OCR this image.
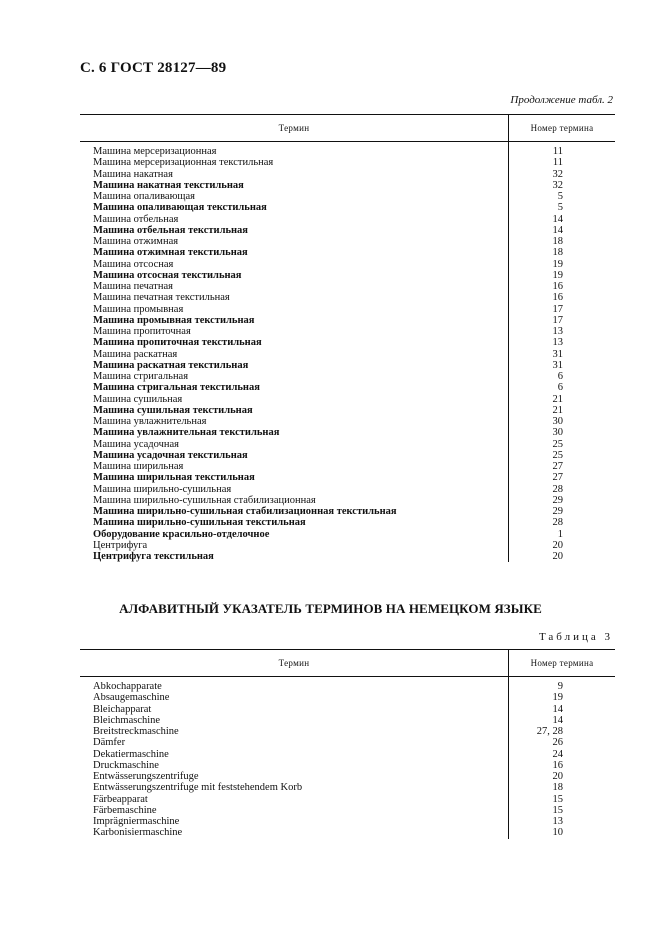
С. 6 ГОСТ 28127—89
Продолжение табл. 2
Термин	Номер термина
Машина мерсеризационная	11
Машина мерсеризационная текстильная	11
Машина накатная	32
Машина накатная текстильная	32
Машина опаливающая	5
Машина опаливающая текстильная	5
Машина отбельная	14
Машина отбельная текстильная	14
Машина отжимная	18
Машина отжимная текстильная	18
Машина отсосная	19
Машина отсосная текстильная	19
Машина печатная	16
Машина печатная текстильная	16
Машина промывная	17
Машина промывная текстильная	17
Машина пропиточная	13
Машина пропиточная текстильная	13
Машина раскатная	31
Машина раскатная текстильная	31
Машина стригальная	6
Машина стригальная текстильная	6
Машина сушильная	21
Машина сушильная текстильная	21
Машина увлажнительная	30
Машина увлажнительная текстильная	30
Машина усадочная	25
Машина усадочная текстильная	25
Машина ширильная	27
Машина ширильная текстильная	27
Машина ширильно-сушильная	28
Машина ширильно-сушильная стабилизационная	29
Машина ширильно-сушильная стабилизационная текстильная	29
Машина ширильно-сушильная текстильная	28
Оборудование красильно-отделочное	1
Центрифуга	20
Центрифуга текстильная	20
АЛФАВИТНЫЙ УКАЗАТЕЛЬ ТЕРМИНОВ НА НЕМЕЦКОМ ЯЗЫКЕ
Таблица 3
Термин	Номер термина
Abkochapparate	9
Absaugemaschine	19
Bleichapparat	14
Bleichmaschine	14
Breitstreckmaschine	27, 28
Dämfer	26
Dekatiermaschine	24
Druckmaschine	16
Entwässerungszentrifuge	20
Entwässerungszentrifuge mit feststehendem Korb	18
Färbeapparat	15
Färbemaschine	15
Imprägniermaschine	13
Karbonisiermaschine	10
